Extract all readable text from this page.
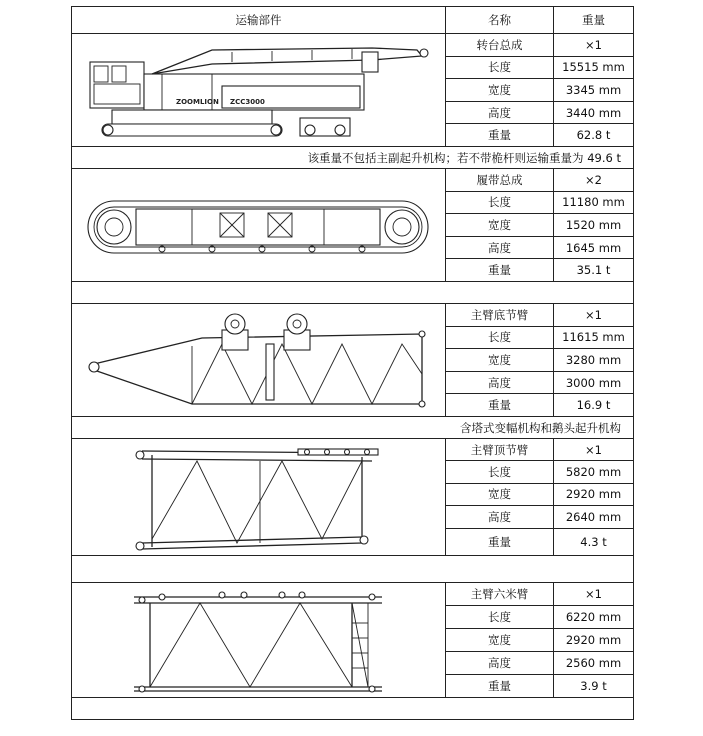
运输部件	名称	重量

ZOOMLION ZCC3000	转台总成	×1
	长度	15515 mm
	宽度	3345 mm
	高度	3440 mm
	重量	62.8 t
该重量不包括主副起升机构；若不带桅杆则运输重量为 49.6 t		

	履带总成	×2
	长度	11180 mm
	宽度	1520 mm
	高度	1645 mm
	重量	35.1 t

	主臂底节臂	×1
	长度	11615 mm
	宽度	3280 mm
	高度	3000 mm
	重量	16.9 t
含塔式变幅机构和鹅头起升机构		

	主臂顶节臂	×1
	长度	5820 mm
	宽度	2920 mm
	高度	2640 mm
	重量	4.3 t

	主臂六米臂	×1
	长度	6220 mm
	宽度	2920 mm
	高度	2560 mm
	重量	3.9 t
